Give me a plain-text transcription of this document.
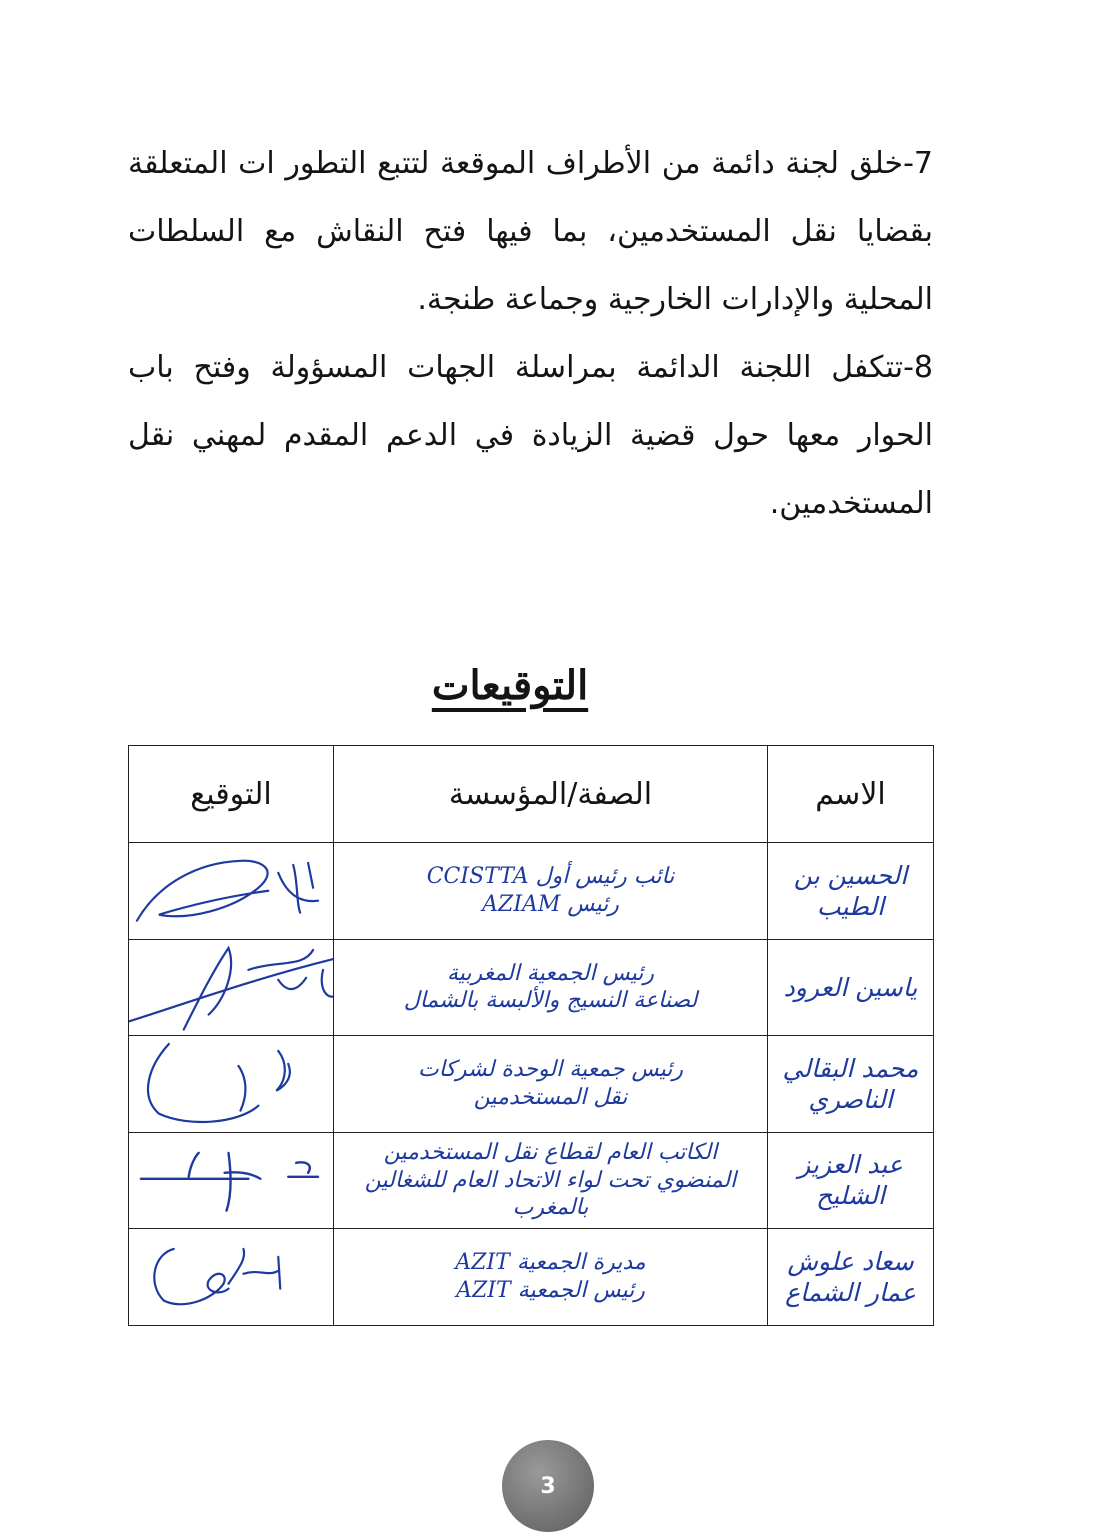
7-خلق لجنة دائمة من الأطراف الموقعة لتتبع التطور ات المتعلقة بقضايا نقل المستخدمين، بما فيها فتح النقاش مع السلطات المحلية والإدارات الخارجية وجماعة طنجة.

8-تتكفل اللجنة الدائمة بمراسلة الجهات المسؤولة وفتح باب الحوار معها حول قضية الزيادة في الدعم المقدم لمهني نقل المستخدمين.

التوقيعات
الاسم	الصفة/المؤسسة	التوقيع

الحسين بن الطيب	نائب رئيس أول CCISTTA
رئيس AZIAM

ياسين العرود	رئيس الجمعية المغربية
لصناعة النسيج والألبسة بالشمال

محمد البقالي الناصري	رئيس جمعية الوحدة لشركات
نقل المستخدمين

عبد العزيز الشليح	الكاتب العام لقطاع نقل المستخدمين
المنضوي تحت لواء الاتحاد العام للشغالين بالمغرب

سعاد علوش
عمار الشماع	مديرة الجمعية AZIT
رئيس الجمعية AZIT

3
